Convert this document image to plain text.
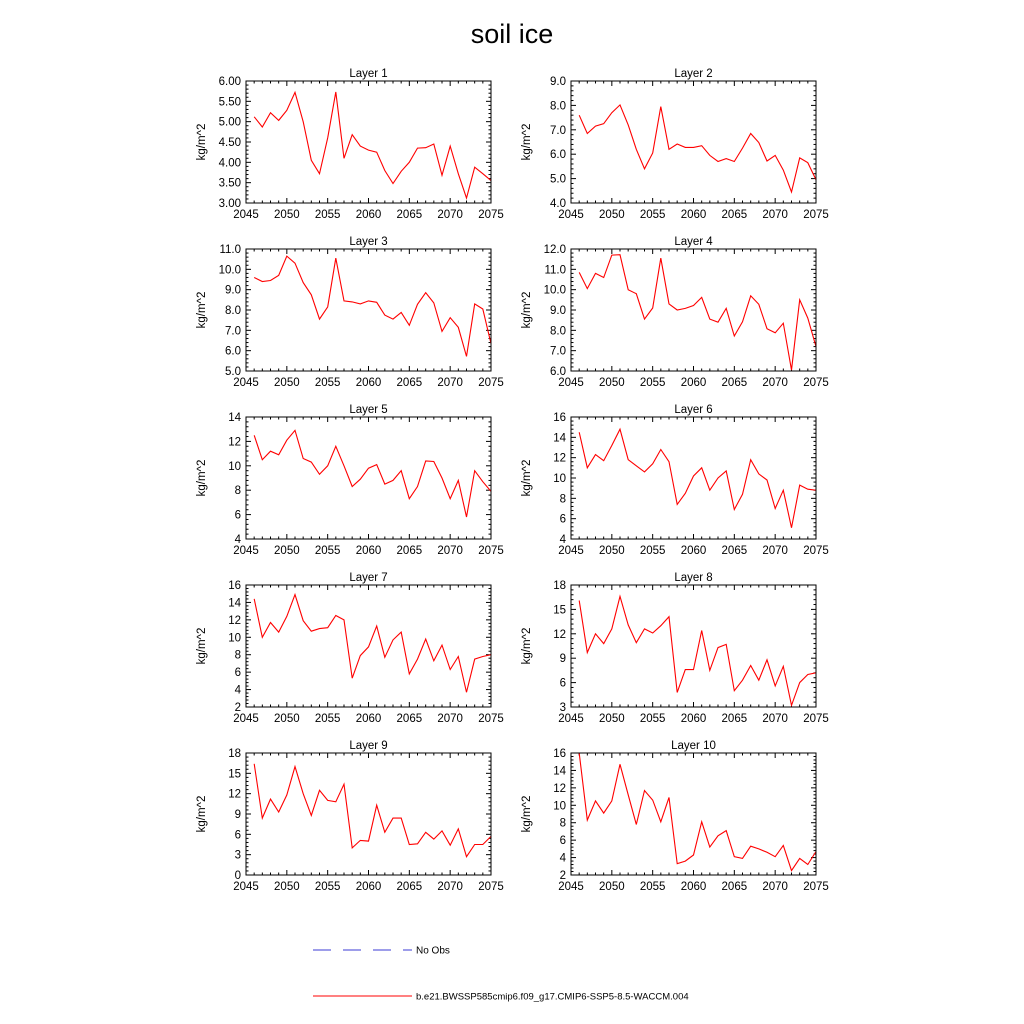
soil ice
Layer 1
kg/m^2
2045 2050 2055 2060 2065 2070 2075
3.00
3.50
4.00
4.50
5.00
5.50
6.00
Layer 2
kg/m^2
2045 2050 2055 2060 2065 2070 2075
4.0
5.0
6.0
7.0
8.0
9.0
Layer 3
kg/m^2
2045 2050 2055 2060 2065 2070 2075
5.0
6.0
7.0
8.0
9.0
10.0
11.0
Layer 4
kg/m^2
2045 2050 2055 2060 2065 2070 2075
6.0
7.0
8.0
9.0
10.0
11.0
12.0
Layer 5
kg/m^2
2045 2050 2055 2060 2065 2070 2075
4
6
8
10
12
14
Layer 6
kg/m^2
2045 2050 2055 2060 2065 2070 2075
4
6
8
10
12
14
16
Layer 7
kg/m^2
2045 2050 2055 2060 2065 2070 2075
2
4
6
8
10
12
14
16
Layer 8
kg/m^2
2045 2050 2055 2060 2065 2070 2075
3
6
9
12
15
18
Layer 9
kg/m^2
2045 2050 2055 2060 2065 2070 2075
0
3
6
9
12
15
18
Layer 10
kg/m^2
2045 2050 2055 2060 2065 2070 2075
2
4
6
8
10
12
14
16
No Obs
b.e21.BWSSP585cmip6.f09_g17.CMIP6-SSP5-8.5-WACCM.004
